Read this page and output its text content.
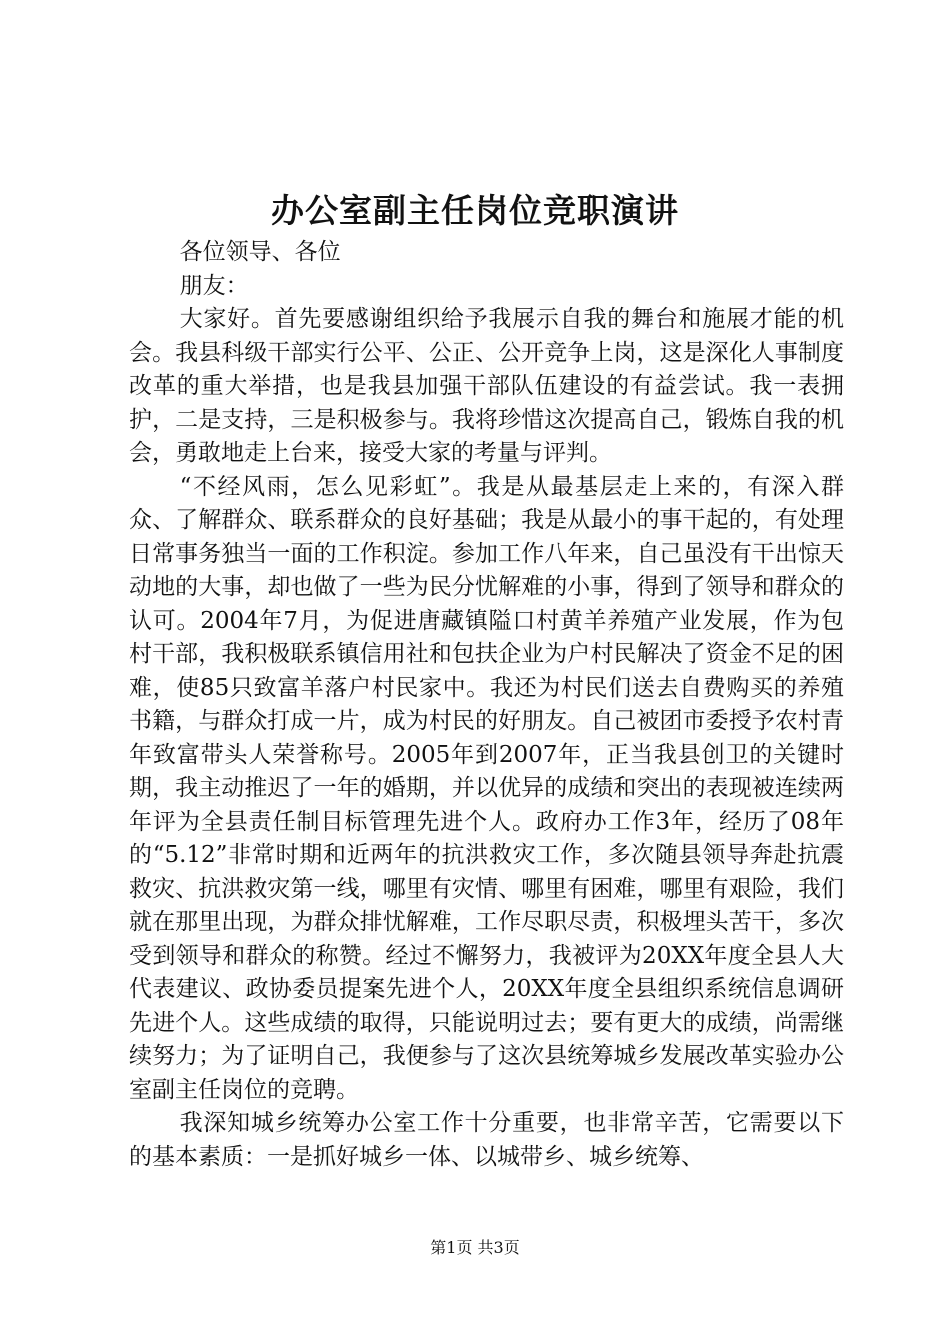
办公室副主任岗位竞职演讲

各位领导、各位

朋友：

大家好。首先要感谢组织给予我展示自我的舞台和施展才能的机会。我县科级干部实行公平、公正、公开竞争上岗，这是深化人事制度改革的重大举措，也是我县加强干部队伍建设的有益尝试。我一表拥护，二是支持，三是积极参与。我将珍惜这次提高自己，锻炼自我的机会，勇敢地走上台来，接受大家的考量与评判。

“不经风雨，怎么见彩虹”。我是从最基层走上来的，有深入群众、了解群众、联系群众的良好基础；我是从最小的事干起的，有处理日常事务独当一面的工作积淀。参加工作八年来，自己虽没有干出惊天动地的大事，却也做了一些为民分忧解难的小事，得到了领导和群众的认可。2004年7月，为促进唐藏镇隘口村黄羊养殖产业发展，作为包村干部，我积极联系镇信用社和包扶企业为户村民解决了资金不足的困难，使85只致富羊落户村民家中。我还为村民们送去自费购买的养殖书籍，与群众打成一片，成为村民的好朋友。自己被团市委授予农村青年致富带头人荣誉称号。2005年到2007年，正当我县创卫的关键时期，我主动推迟了一年的婚期，并以优异的成绩和突出的表现被连续两年评为全县责任制目标管理先进个人。政府办工作3年，经历了08年的“5.12”非常时期和近两年的抗洪救灾工作，多次随县领导奔赴抗震救灾、抗洪救灾第一线，哪里有灾情、哪里有困难，哪里有艰险，我们就在那里出现，为群众排忧解难，工作尽职尽责，积极埋头苦干，多次受到领导和群众的称赞。经过不懈努力，我被评为20XX年度全县人大代表建议、政协委员提案先进个人，20XX年度全县组织系统信息调研先进个人。这些成绩的取得，只能说明过去；要有更大的成绩，尚需继续努力；为了证明自己，我便参与了这次县统筹城乡发展改革实验办公室副主任岗位的竞聘。

我深知城乡统筹办公室工作十分重要，也非常辛苦，它需要以下的基本素质：一是抓好城乡一体、以城带乡、城乡统筹、

第1页 共3页
